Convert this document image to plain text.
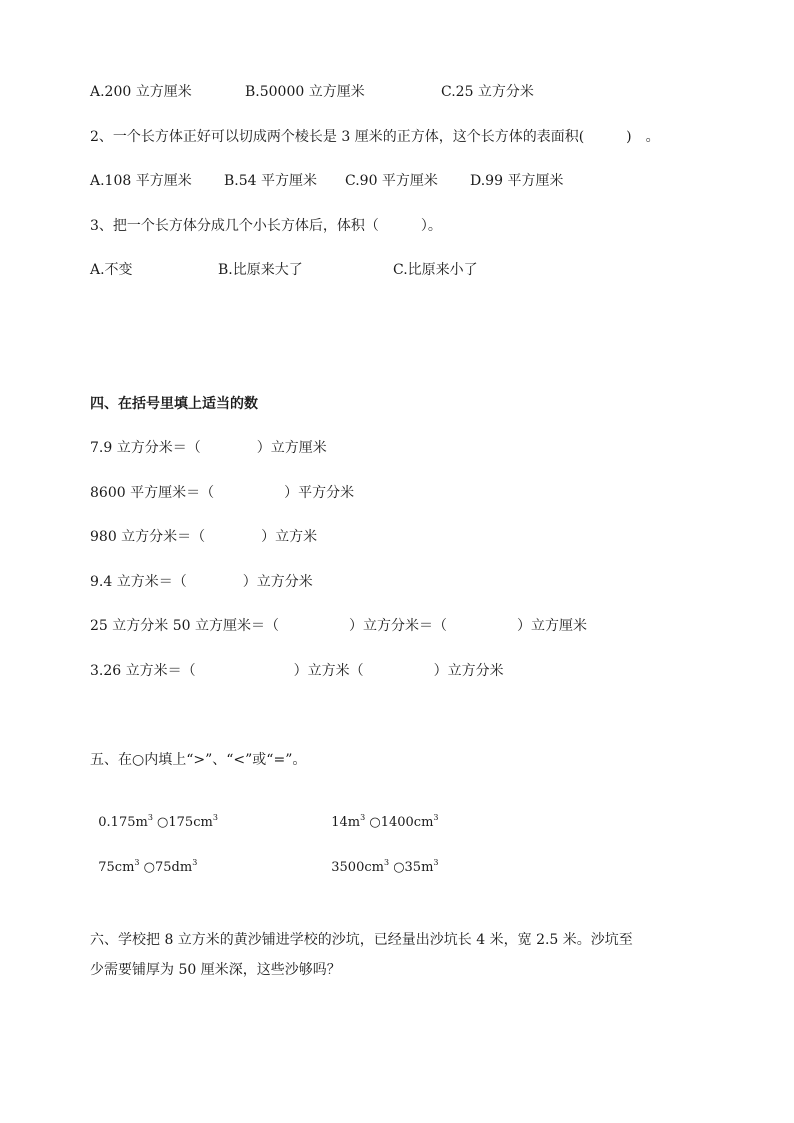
A.200 立方厘米	B.50000 立方厘米	C.25 立方分米
2、一个长方体正好可以切成两个棱长是 3 厘米的正方体，这个长方体的表面积(　　　)　。
A.108 平方厘米 B.54 平方厘米 C.90 平方厘米 D.99 平方厘米
3、把一个长方体分成几个小长方体后，体积（　　　）。
A.不变	B.比原来大了	C.比原来小了
四、在括号里填上适当的数
7.9 立方分米＝（　　　　）立方厘米
8600 平方厘米＝（　　　　　）平方分米
980 立方分米＝（　　　　）立方米
9.4 立方米＝（　　　　）立方分米
25 立方分米 50 立方厘米＝（　　　　　）立方分米＝（　　　　　）立方厘米
3.26 立方米＝（　　　　　　　）立方米（　　　　　）立方分米
五、在○内填上“>”、“<”或“=”。

$0.175m^3$ $○175cm^3$	$14m^3$ $○1400cm^3$

$75cm^3$ $○75dm^3$	$3500cm^3$ $○35m^3$

六、学校把 8 立方米的黄沙铺进学校的沙坑，已经量出沙坑长 4 米，宽 2.5 米。沙坑至
少需要铺厚为 50 厘米深，这些沙够吗？
